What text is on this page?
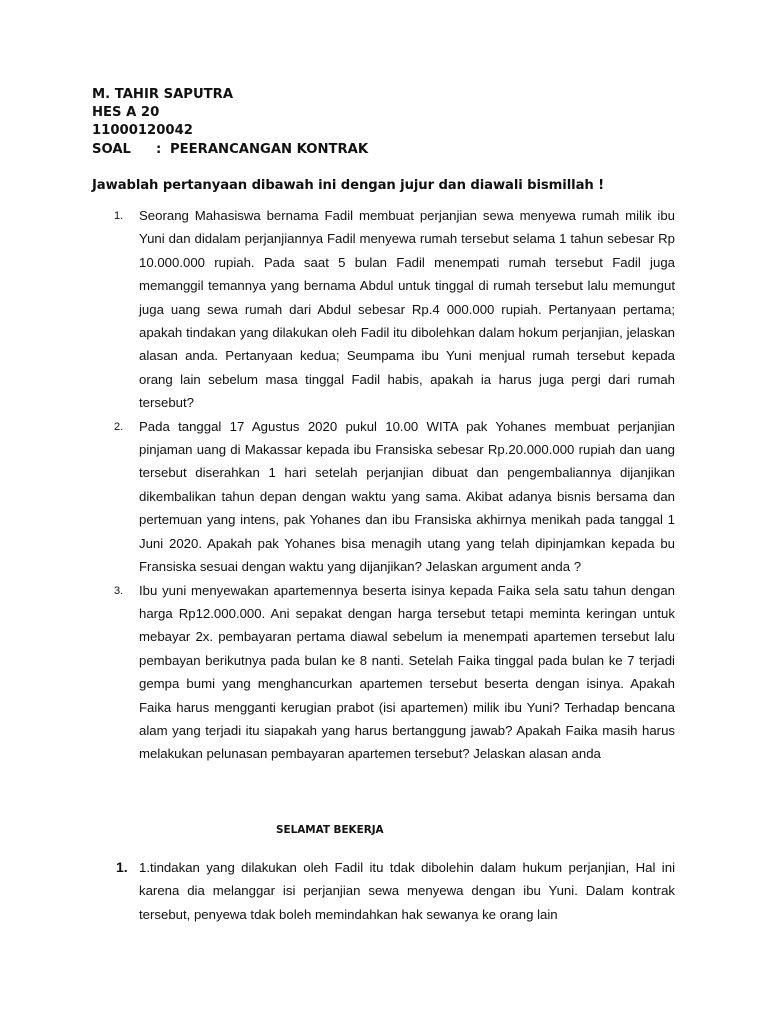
M. TAHIR SAPUTRA
HES A 20
11000120042
SOAL	: PEERANCANGAN KONTRAK
Jawablah pertanyaan dibawah ini dengan jujur dan diawali bismillah !
1. Seorang Mahasiswa bernama Fadil membuat perjanjian sewa menyewa rumah milik ibu Yuni dan didalam perjanjiannya Fadil menyewa rumah tersebut selama 1 tahun sebesar Rp 10.000.000 rupiah. Pada saat 5 bulan Fadil menempati rumah tersebut Fadil juga memanggil temannya yang bernama Abdul untuk tinggal di rumah tersebut lalu memungut juga uang sewa rumah dari Abdul sebesar Rp.4 000.000 rupiah. Pertanyaan pertama; apakah tindakan yang dilakukan oleh Fadil itu dibolehkan dalam hokum perjanjian, jelaskan alasan anda. Pertanyaan kedua; Seumpama ibu Yuni menjual rumah tersebut kepada orang lain sebelum masa tinggal Fadil habis, apakah ia harus juga pergi dari rumah tersebut?
2. Pada tanggal 17 Agustus 2020 pukul 10.00 WITA pak Yohanes membuat perjanjian pinjaman uang di Makassar kepada ibu Fransiska sebesar Rp.20.000.000 rupiah dan uang tersebut diserahkan 1 hari setelah perjanjian dibuat dan pengembaliannya dijanjikan dikembalikan tahun depan dengan waktu yang sama. Akibat adanya bisnis bersama dan pertemuan yang intens, pak Yohanes dan ibu Fransiska akhirnya menikah pada tanggal 1 Juni 2020. Apakah pak Yohanes bisa menagih utang yang telah dipinjamkan kepada bu Fransiska sesuai dengan waktu yang dijanjikan? Jelaskan argument anda ?
3. Ibu yuni menyewakan apartemennya beserta isinya kepada Faika sela satu tahun dengan harga Rp12.000.000. Ani sepakat dengan harga tersebut tetapi meminta keringan untuk mebayar 2x. pembayaran pertama diawal sebelum ia menempati apartemen tersebut lalu pembayan berikutnya pada bulan ke 8 nanti. Setelah Faika tinggal pada bulan ke 7 terjadi gempa bumi yang menghancurkan apartemen tersebut beserta dengan isinya. Apakah Faika harus mengganti kerugian prabot (isi apartemen) milik ibu Yuni? Terhadap bencana alam yang terjadi itu siapakah yang harus bertanggung jawab? Apakah Faika masih harus melakukan pelunasan pembayaran apartemen tersebut? Jelaskan alasan anda
SELAMAT BEKERJA
1. 1.tindakan yang dilakukan oleh Fadil itu tdak dibolehin dalam hukum perjanjian, Hal ini karena dia melanggar isi perjanjian sewa menyewa dengan ibu Yuni. Dalam kontrak tersebut, penyewa tdak boleh memindahkan hak sewanya ke orang lain
